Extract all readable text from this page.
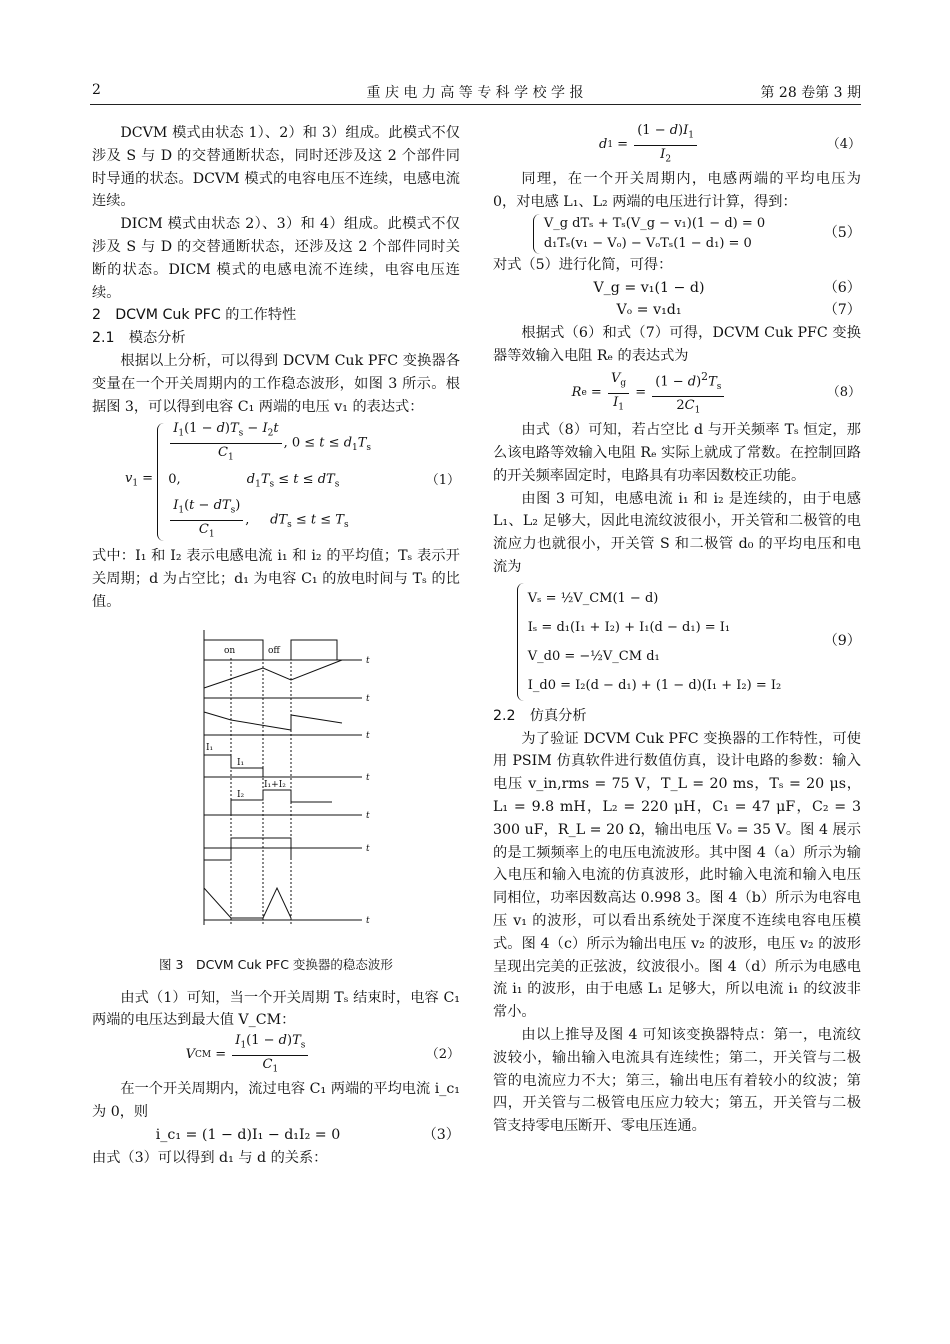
2	重 庆 电 力 高 等 专 科 学 校 学 报	第 28 卷第 3 期

DCVM 模式由状态 1）、2）和 3）组成。此模式不仅涉及 S 与 D 的交替通断状态，同时还涉及这 2 个部件同时导通的状态。DCVM 模式的电容电压不连续，电感电流连续。

DICM 模式由状态 2）、3）和 4）组成。此模式不仅涉及 S 与 D 的交替通断状态，还涉及这 2 个部件同时关断的状态。DICM 模式的电感电流不连续，电容电压连续。

2　DCVM Cuk PFC 的工作特性

2.1　模态分析

根据以上分析，可以得到 DCVM Cuk PFC 变换器各变量在一个开关周期内的工作稳态波形，如图 3 所示。根据图 3，可以得到电容 C₁ 两端的电压 v₁ 的表达式：

$v_1$ =
$\frac{I_1(1 - d)T_s - I_2t}{C_1}$ , $0 \le t \le d_1T_s$
0,                $d_1T_s \le t \le dT_s$
$\frac{I_1(t - dT_s)}{C_1}$ ,     $dT_s \le t \le T_s$
（1）

式中：I₁ 和 I₂ 表示电感电流 i₁ 和 i₂ 的平均值；Tₛ 表示开关周期；d 为占空比；d₁ 为电容 C₁ 的放电时间与 Tₛ 的比值。

on	off
t
t
t
t
t
t
t
I₁
I₁
I₂
I₁+I₂
图 3　DCVM Cuk PFC 变换器的稳态波形

由式（1）可知，当一个开关周期 Tₛ 结束时，电容 C₁ 两端的电压达到最大值 V_CM：

V CM = $\frac{I_1(1 - d)T_s}{C_1}$	（2）

在一个开关周期内，流过电容 C₁ 两端的平均电流 i_c₁ 为 0，则

i_c₁ = (1 − d)I₁ − d₁I₂ = 0	（3）

由式（3）可以得到 d₁ 与 d 的关系：

d $1 = \frac{(1 - d)I_1}{I_2}$	（4）

同理，在一个开关周期内，电感两端的平均电压为 0，对电感 L₁、L₂ 两端的电压进行计算，得到：

V_g dTₛ + Tₛ(V_g − v₁)(1 − d) = 0
d₁Tₛ(v₁ − Vₒ) − VₒTₛ(1 − d₁) = 0
（5）

对式（5）进行化简，可得：

V_g = v₁(1 − d)	（6）
Vₒ = v₁d₁	（7）

根据式（6）和式（7）可得，DCVM Cuk PFC 变换器等效输入电阻 Rₑ 的表达式为

R $e = \frac{V_g}{I_1} = \frac{(1 - d)^2T_s}{2C_1}$	（8）

由式（8）可知，若占空比 d 与开关频率 Tₛ 恒定，那么该电路等效输入电阻 Rₑ 实际上就成了常数。在控制回路的开关频率固定时，电路具有功率因数校正功能。

由图 3 可知，电感电流 i₁ 和 i₂ 是连续的，由于电感 L₁、L₂ 足够大，因此电流纹波很小，开关管和二极管的电流应力也就很小，开关管 S 和二极管 d₀ 的平均电压和电流为

Vₛ = ½V_CM(1 − d)
Iₛ = d₁(I₁ + I₂) + I₁(d − d₁) = I₁
V_d0 = −½V_CM d₁
I_d0 = I₂(d − d₁) + (1 − d)(I₁ + I₂) = I₂
（9）

2.2　仿真分析

为了验证 DCVM Cuk PFC 变换器的工作特性，可使用 PSIM 仿真软件进行数值仿真，设计电路的参数：输入电压 v_in,rms = 75 V，T_L = 20 ms，Tₛ = 20 μs，L₁ = 9.8 mH，L₂ = 220 μH，C₁ = 47 μF，C₂ = 3 300 uF，R_L = 20 Ω，输出电压 Vₒ = 35 V。图 4 展示的是工频频率上的电压电流波形。其中图 4（a）所示为输入电压和输入电流的仿真波形，此时输入电流和输入电压同相位，功率因数高达 0.998 3。图 4（b）所示为电容电压 v₁ 的波形，可以看出系统处于深度不连续电容电压模式。图 4（c）所示为输出电压 v₂ 的波形，电压 v₂ 的波形呈现出完美的正弦波，纹波很小。图 4（d）所示为电感电流 i₁ 的波形，由于电感 L₁ 足够大，所以电流 i₁ 的纹波非常小。

由以上推导及图 4 可知该变换器特点：第一，电流纹波较小，输出输入电流具有连续性；第二，开关管与二极管的电流应力不大；第三，输出电压有着较小的纹波；第四，开关管与二极管电压应力较大；第五，开关管与二极管支持零电压断开、零电压连通。
